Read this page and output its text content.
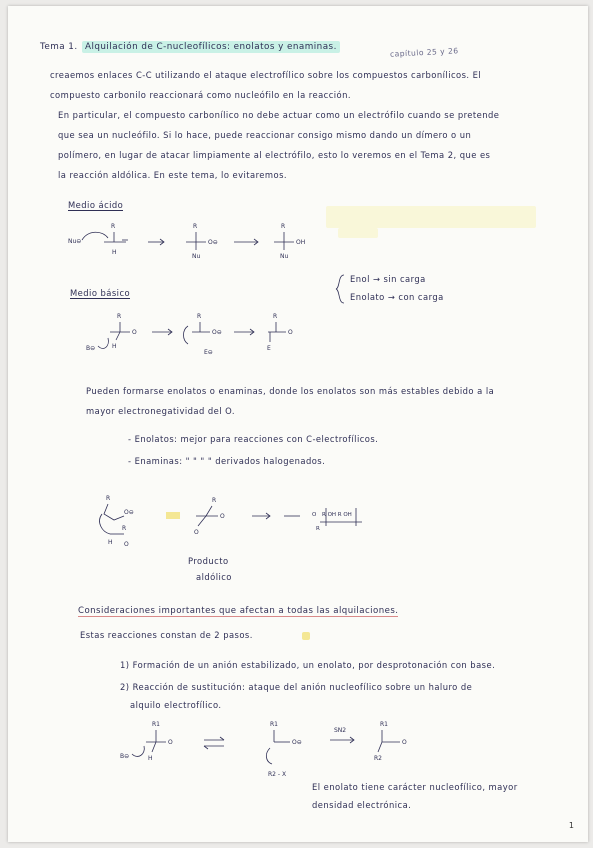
Tema 1. Alquilación de C-nucleofílicos: enolatos y enaminas.	capítulo 25 y 26
creaemos enlaces C-C utilizando el ataque electrofílico sobre los compuestos carbonílicos. El
compuesto carbonilo reaccionará como nucleófilo en la reacción.
En particular, el compuesto carbonílico no debe actuar como un electrófilo cuando se pretende
que sea un nucleófilo. Si lo hace, puede reaccionar consigo mismo dando un dímero o un
polímero, en lugar de atacar limpiamente al electrófilo, esto lo veremos en el Tema 2, que es
la reacción aldólica. En este tema, lo evitaremos.
Medio ácido
Nu⊖
R
H
R
Nu
O⊖
R
Nu
OH
Enol → sin carga
Enolato → con carga
Medio básico
B⊖
R
H
O
R
O⊖
E⊖
R
E
O
Pueden formarse enolatos o enaminas, donde los enolatos son más estables debido a la
mayor electronegatividad del O.
- Enolatos: mejor para reacciones con C-electrofílicos.
- Enaminas: " " " " derivados halogenados.
R
O⊖
R
H O
R
O
O	O R OH R OH
R
Producto
aldólico
Consideraciones importantes que afectan a todas las alquilaciones.
Estas reacciones constan de 2 pasos.
1) Formación de un anión estabilizado, un enolato, por desprotonación con base.
2) Reacción de sustitución: ataque del anión nucleofílico sobre un haluro de
alquilo electrofílico.
B⊖
R1
H
O
R1
O⊖
R2 - X
SN2
R1
O
R2
El enolato tiene carácter nucleofílico, mayor
densidad electrónica.
1
